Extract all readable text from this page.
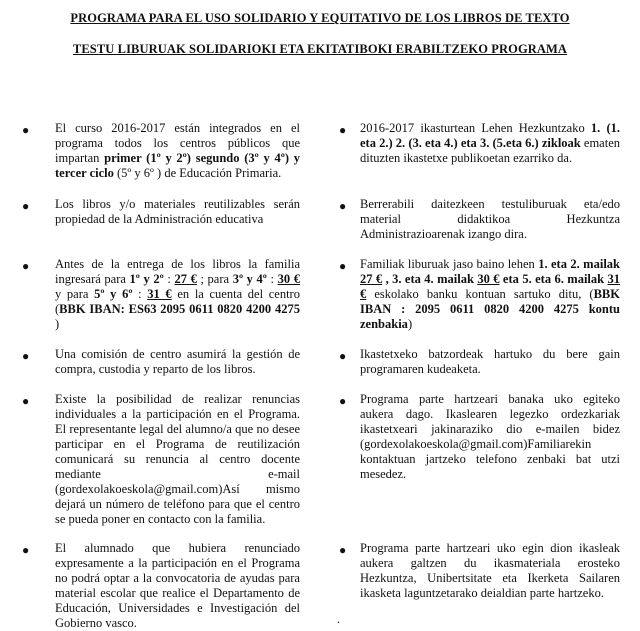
PROGRAMA PARA EL USO SOLIDARIO Y EQUITATIVO DE LOS LIBROS DE TEXTO
TESTU LIBURUAK SOLIDARIOKI ETA EKITATIBOKI ERABILTZEKO PROGRAMA
● El curso 2016-2017 están integrados en el programa todos los centros públicos que impartan primer (1º y 2º) segundo (3º y 4º) y tercer ciclo (5º y 6º ) de Educación Primaria.
● Los libros y/o materiales reutilizables serán propiedad de la Administración educativa
● Antes de la entrega de los libros la familia ingresará para 1º y 2º : 27 € ; para 3º y 4º : 30 € y para 5º y 6º : 31 € en la cuenta del centro (BBK IBAN: ES63 2095 0611 0820 4200 4275 )
● Una comisión de centro asumirá la gestión de compra, custodia y reparto de los libros.
● Existe la posibilidad de realizar renuncias individuales a la participación en el Programa. El representante legal del alumno/a que no desee participar en el Programa de reutilización comunicará su renuncia al centro docente mediante e-mail (gordexolakoeskola@gmail.com)Así mismo dejará un número de teléfono para que el centro se pueda poner en contacto con la familia.
● El alumnado que hubiera renunciado expresamente a la participación en el Programa no podrá optar a la convocatoria de ayudas para material escolar que realice el Departamento de Educación, Universidades e Investigación del Gobierno vasco.
● 2016-2017 ikasturtean Lehen Hezkuntzako 1. (1. eta 2.) 2. (3. eta 4.) eta 3. (5.eta 6.) zikloak ematen dituzten ikastetxe publikoetan ezarriko da.
● Berrerabili daitezkeen testuliburuak eta/edo material didaktikoa Hezkuntza Administrazioarenak izango dira.
● Familiak liburuak jaso baino lehen 1. eta 2. mailak 27 € , 3. eta 4. mailak 30 € eta 5. eta 6. mailak 31 € eskolako banku kontuan sartuko ditu, (BBK IBAN : 2095 0611 0820 4200 4275 kontu zenbakia)
● Ikastetxeko batzordeak hartuko du bere gain programaren kudeaketa.
● Programa parte hartzeari banaka uko egiteko aukera dago. Ikaslearen legezko ordezkariak ikastetxeari jakinaraziko dio e-mailen bidez (gordexolakoeskola@gmail.com)Familiarekin kontaktuan jartzeko telefono zenbaki bat utzi mesedez.
● Programa parte hartzeari uko egin dion ikasleak aukera galtzen du ikasmateriala erosteko Hezkuntza, Unibertsitate eta Ikerketa Sailaren ikasketa laguntzetarako deialdian parte hartzeko.
.
